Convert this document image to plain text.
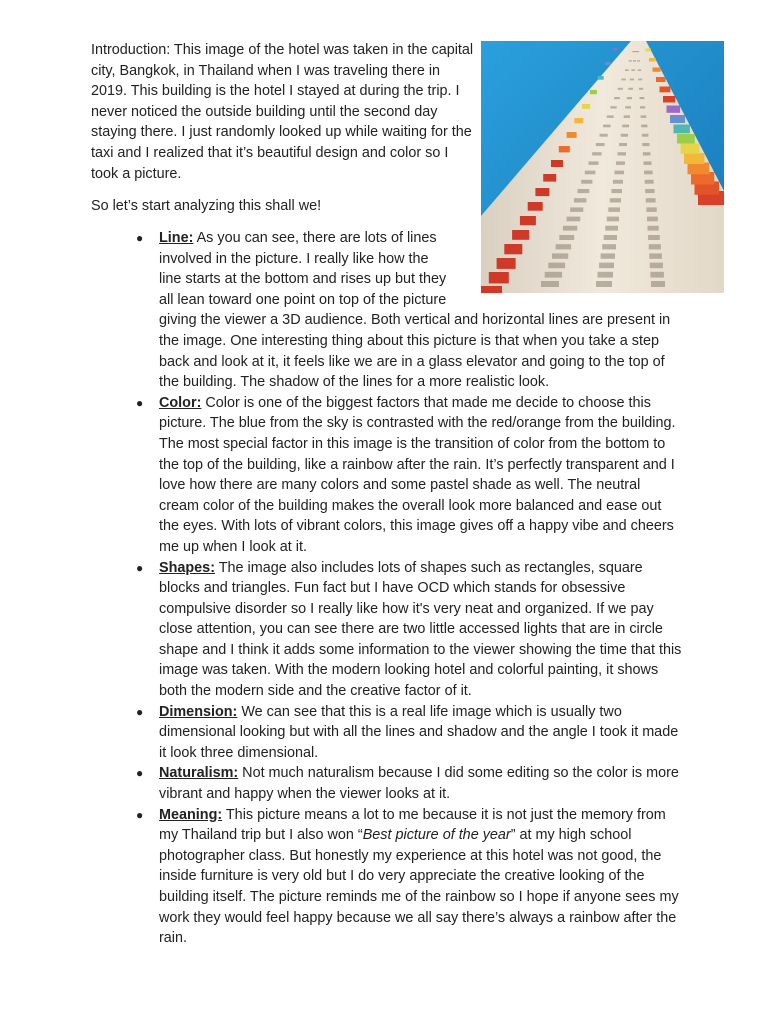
Introduction: This image of the hotel was taken in the capital city, Bangkok, in Thailand when I was traveling there in 2019. This building is the hotel I stayed at during the trip. I never noticed the outside building until the second day staying there. I just randomly looked up while waiting for the taxi and I realized that it’s beautiful design and color so I took a picture.

So let’s start analyzing this shall we!

● Line: As you can see, there are lots of lines involved in the picture. I really like how the line starts at the bottom and rises up but they all lean toward one point on top of the picture
giving the viewer a 3D audience. Both vertical and horizontal lines are present in the image. One interesting thing about this picture is that when you take a step back and look at it, it feels like we are in a glass elevator and going to the top of the building. The shadow of the lines for a more realistic look.
● Color: Color is one of the biggest factors that made me decide to choose this picture. The blue from the sky is contrasted with the red/orange from the building. The most special factor in this image is the transition of color from the bottom to the top of the building, like a rainbow after the rain. It’s perfectly transparent and I love how there are many colors and some pastel shade as well. The neutral cream color of the building makes the overall look more balanced and ease out the eyes. With lots of vibrant colors, this image gives off a happy vibe and cheers me up when I look at it.
● Shapes: The image also includes lots of shapes such as rectangles, square blocks and triangles. Fun fact but I have OCD which stands for obsessive compulsive disorder so I really like how it's very neat and organized. If we pay close attention, you can see there are two little accessed lights that are in circle shape and I think it adds some information to the viewer showing the time that this image was taken. With the modern looking hotel and colorful painting, it shows both the modern side and the creative factor of it.
● Dimension: We can see that this is a real life image which is usually two dimensional looking but with all the lines and shadow and the angle I took it made it look three dimensional.
● Naturalism: Not much naturalism because I did some editing so the color is more vibrant and happy when the viewer looks at it.
● Meaning: This picture means a lot to me because it is not just the memory from my Thailand trip but I also won “Best picture of the year” at my high school photographer class. But honestly my experience at this hotel was not good, the inside furniture is very old but I do very appreciate the creative looking of the building itself. The picture reminds me of the rainbow so I hope if anyone sees my work they would feel happy because we all say there’s always a rainbow after the rain.
